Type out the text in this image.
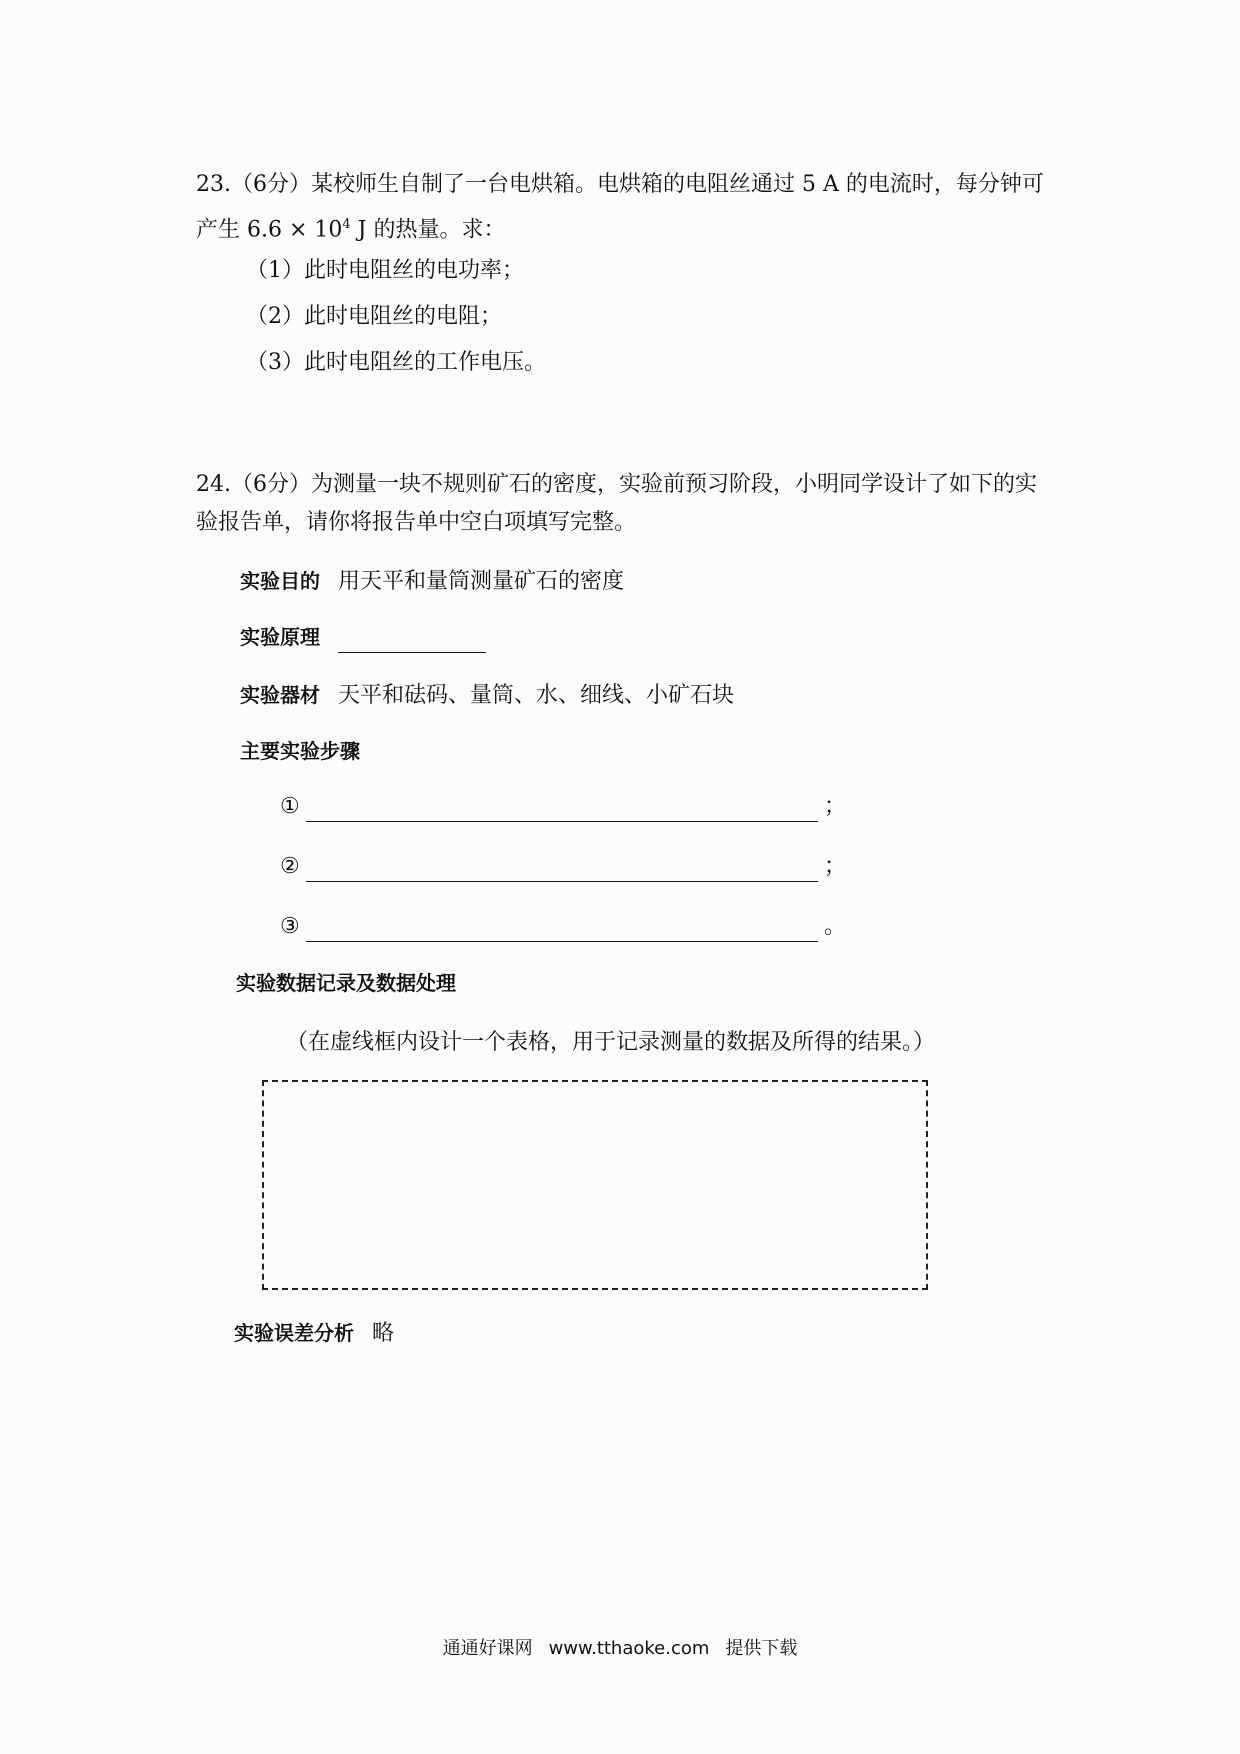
23.（6分）某校师生自制了一台电烘箱。电烘箱的电阻丝通过 5 A 的电流时，每分钟可
产生 $6.6 \times 10^4$ J 的热量。求：
（1）此时电阻丝的电功率；
（2）此时电阻丝的电阻；
（3）此时电阻丝的工作电压。
24.（6分）为测量一块不规则矿石的密度，实验前预习阶段，小明同学设计了如下的实
验报告单，请你将报告单中空白项填写完整。
实验目的 用天平和量筒测量矿石的密度
实验原理
实验器材 天平和砝码、量筒、水、细线、小矿石块
主要实验步骤
①	；
②	；
③	。
实验数据记录及数据处理
（在虚线框内设计一个表格，用于记录测量的数据及所得的结果。）
实验误差分析 略
通通好课网 www.tthaoke.com 提供下载
